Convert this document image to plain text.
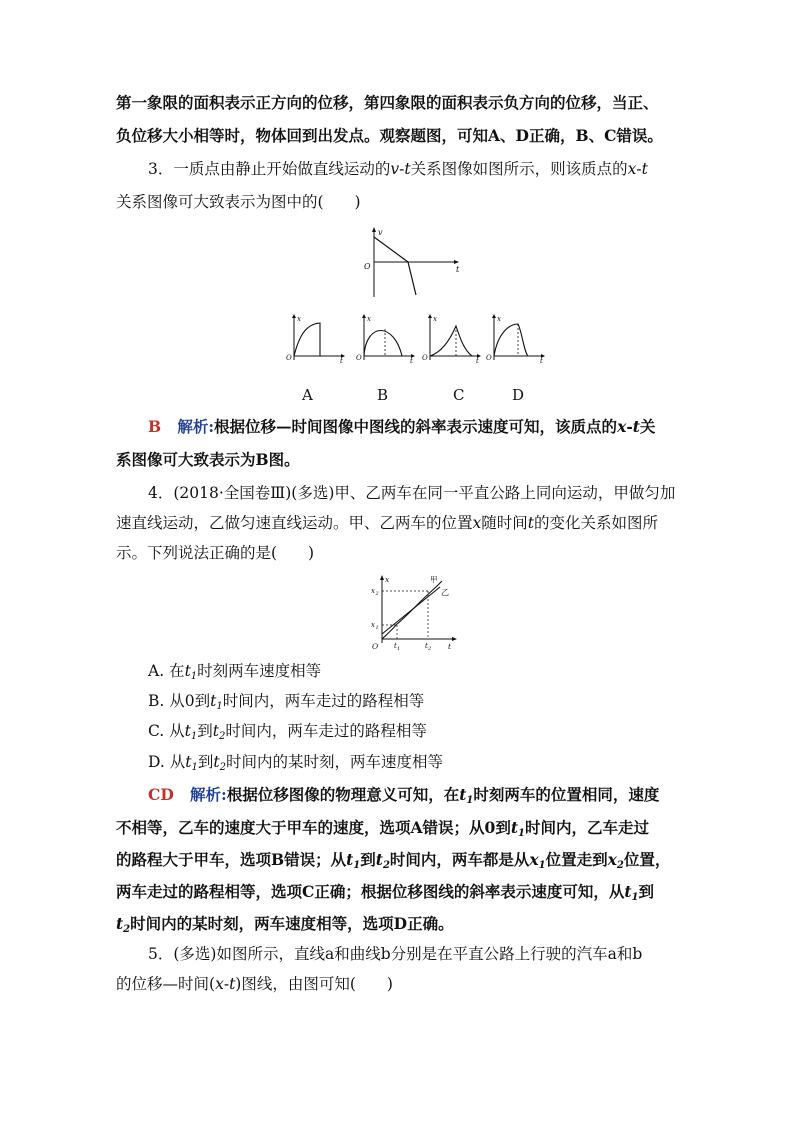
第一象限的面积表示正方向的位移，第四象限的面积表示负方向的位移，当正、
负位移大小相等时，物体回到出发点。观察题图，可知A、D正确，B、C错误。
3．一质点由静止开始做直线运动的v-t关系图像如图所示，则该质点的x-t
关系图像可大致表示为图中的(　　)
v
O	t
x
O	t
x
O	t
x
O	t
x
O	t
A	B	C	D
B 解析:根据位移—时间图像中图线的斜率表示速度可知，该质点的x-t关
系图像可大致表示为B图。
4．(2018·全国卷Ⅲ)(多选)甲、乙两车在同一平直公路上同向运动，甲做匀加
速直线运动，乙做匀速直线运动。甲、乙两车的位置x随时间t的变化关系如图所
示。下列说法正确的是(　　)
x	甲
乙
x 2
x 1
O t 1	t 2 t
A. 在$t_1$时刻两车速度相等
B. 从0到$t_1$时间内，两车走过的路程相等
C. 从$t_1$到$t_2$时间内，两车走过的路程相等
D. 从$t_1$到$t_2$时间内的某时刻，两车速度相等
CD 解析:根据位移图像的物理意义可知，在$t_1$时刻两车的位置相同，速度
不相等，乙车的速度大于甲车的速度，选项A错误；从0到$t_1$时间内，乙车走过
的路程大于甲车，选项B错误；从$t_1$到$t_2$时间内，两车都是从$x_1$位置走到$x_2$位置，
两车走过的路程相等，选项C正确；根据位移图线的斜率表示速度可知，从$t_1$到
$t_2$时间内的某时刻，两车速度相等，选项D正确。
5．(多选)如图所示，直线a和曲线b分别是在平直公路上行驶的汽车a和b
的位移—时间(x-t)图线，由图可知(　　)
